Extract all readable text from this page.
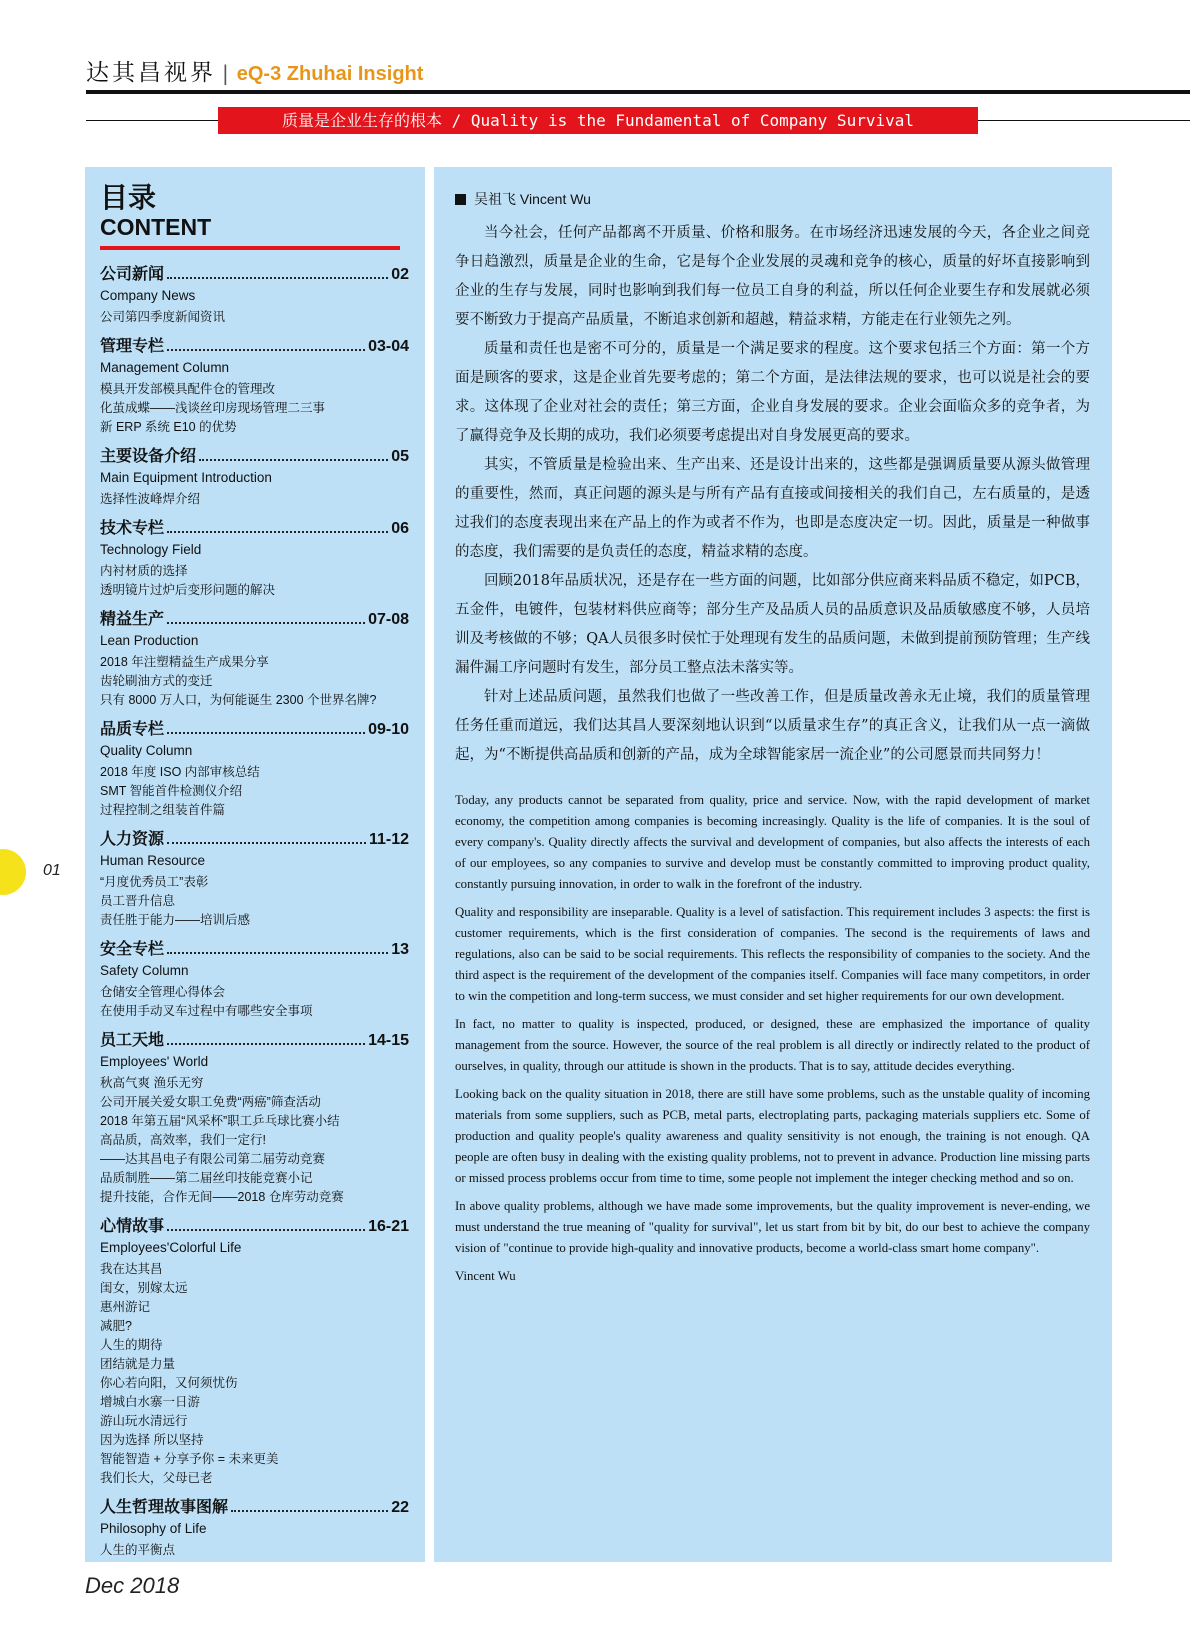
达其昌视界 | eQ-3 Zhuhai Insight
质量是企业生存的根本 / Quality is the Fundamental of Company Survival
目录
CONTENT
公司新闻	02
Company News
公司第四季度新闻资讯
管理专栏	03-04
Management Column
模具开发部模具配件仓的管理改
化茧成蝶——浅谈丝印房现场管理二三事
新 ERP 系统 E10 的优势
主要设备介绍	05
Main Equipment Introduction
选择性波峰焊介绍
技术专栏	06
Technology Field
内衬材质的选择
透明镜片过炉后变形问题的解决
精益生产	07-08
Lean Production
2018 年注塑精益生产成果分享
齿轮刷油方式的变迁
只有 8000 万人口，为何能诞生 2300 个世界名牌?
品质专栏	09-10
Quality Column
2018 年度 ISO 内部审核总结
SMT 智能首件检测仪介绍
过程控制之组装首件篇
人力资源	11-12
Human Resource
“月度优秀员工”表彰
员工晋升信息
责任胜于能力——培训后感
安全专栏	13
Safety Column
仓储安全管理心得体会
在使用手动叉车过程中有哪些安全事项
员工天地	14-15
Employees' World
秋高气爽 渔乐无穷
公司开展关爱女职工免费“两癌”筛查活动
2018 年第五届“风采杯”职工乒乓球比赛小结
高品质，高效率，我们一定行!
——达其昌电子有限公司第二届劳动竞赛
品质制胜——第二届丝印技能竞赛小记
提升技能，合作无间——2018 仓库劳动竞赛
心情故事	16-21
Employees'Colorful Life
我在达其昌
闺女，别嫁太远
惠州游记
减肥?
人生的期待
团结就是力量
你心若向阳，又何须忧伤
增城白水寨一日游
游山玩水清远行
因为选择 所以坚持
智能智造 + 分享予你 = 未来更美
我们长大，父母已老
人生哲理故事图解	22
Philosophy of Life
人生的平衡点
吴祖飞 Vincent Wu

当今社会，任何产品都离不开质量、价格和服务。在市场经济迅速发展的今天，各企业之间竞争日趋激烈，质量是企业的生命，它是每个企业发展的灵魂和竞争的核心，质量的好坏直接影响到企业的生存与发展，同时也影响到我们每一位员工自身的利益，所以任何企业要生存和发展就必须要不断致力于提高产品质量，不断追求创新和超越，精益求精，方能走在行业领先之列。

质量和责任也是密不可分的，质量是一个满足要求的程度。这个要求包括三个方面：第一个方面是顾客的要求，这是企业首先要考虑的；第二个方面，是法律法规的要求，也可以说是社会的要求。这体现了企业对社会的责任；第三方面，企业自身发展的要求。企业会面临众多的竞争者，为了赢得竞争及长期的成功，我们必须要考虑提出对自身发展更高的要求。

其实，不管质量是检验出来、生产出来、还是设计出来的，这些都是强调质量要从源头做管理的重要性，然而，真正问题的源头是与所有产品有直接或间接相关的我们自己，左右质量的，是透过我们的态度表现出来在产品上的作为或者不作为，也即是态度决定一切。因此，质量是一种做事的态度，我们需要的是负责任的态度，精益求精的态度。

回顾2018年品质状况，还是存在一些方面的问题，比如部分供应商来料品质不稳定，如PCB，五金件，电镀件，包装材料供应商等；部分生产及品质人员的品质意识及品质敏感度不够，人员培训及考核做的不够；QA人员很多时侯忙于处理现有发生的品质问题，未做到提前预防管理；生产线漏件漏工序问题时有发生，部分员工整点法未落实等。

针对上述品质问题，虽然我们也做了一些改善工作，但是质量改善永无止境，我们的质量管理任务任重而道远，我们达其昌人要深刻地认识到“以质量求生存”的真正含义，让我们从一点一滴做起，为“不断提供高品质和创新的产品，成为全球智能家居一流企业”的公司愿景而共同努力！

Today, any products cannot be separated from quality, price and service. Now, with the rapid development of market economy, the competition among companies is becoming increasingly. Quality is the life of companies. It is the soul of every company's. Quality directly affects the survival and development of companies, but also affects the interests of each of our employees, so any companies to survive and develop must be constantly committed to improving product quality, constantly pursuing innovation, in order to walk in the forefront of the industry.

Quality and responsibility are inseparable. Quality is a level of satisfaction. This requirement includes 3 aspects: the first is customer requirements, which is the first consideration of companies. The second is the requirements of laws and regulations, also can be said to be social requirements. This reflects the responsibility of companies to the society. And the third aspect is the requirement of the development of the companies itself. Companies will face many competitors, in order to win the competition and long-term success, we must consider and set higher requirements for our own development.

In fact, no matter to quality is inspected, produced, or designed, these are emphasized the importance of quality management from the source. However, the source of the real problem is all directly or indirectly related to the product of ourselves, in quality, through our attitude is shown in the products. That is to say, attitude decides everything.

Looking back on the quality situation in 2018, there are still have some problems, such as the unstable quality of incoming materials from some suppliers, such as PCB, metal parts, electroplating parts, packaging materials suppliers etc. Some of production and quality people's quality awareness and quality sensitivity is not enough, the training is not enough. QA people are often busy in dealing with the existing quality problems, not to prevent in advance. Production line missing parts or missed process problems occur from time to time, some people not implement the integer checking method and so on.

In above quality problems, although we have made some improvements, but the quality improvement is never-ending, we must understand the true meaning of "quality for survival", let us start from bit by bit, do our best to achieve the company vision of "continue to provide high-quality and innovative products, become a world-class smart home company".

Vincent Wu
01
Dec 2018
